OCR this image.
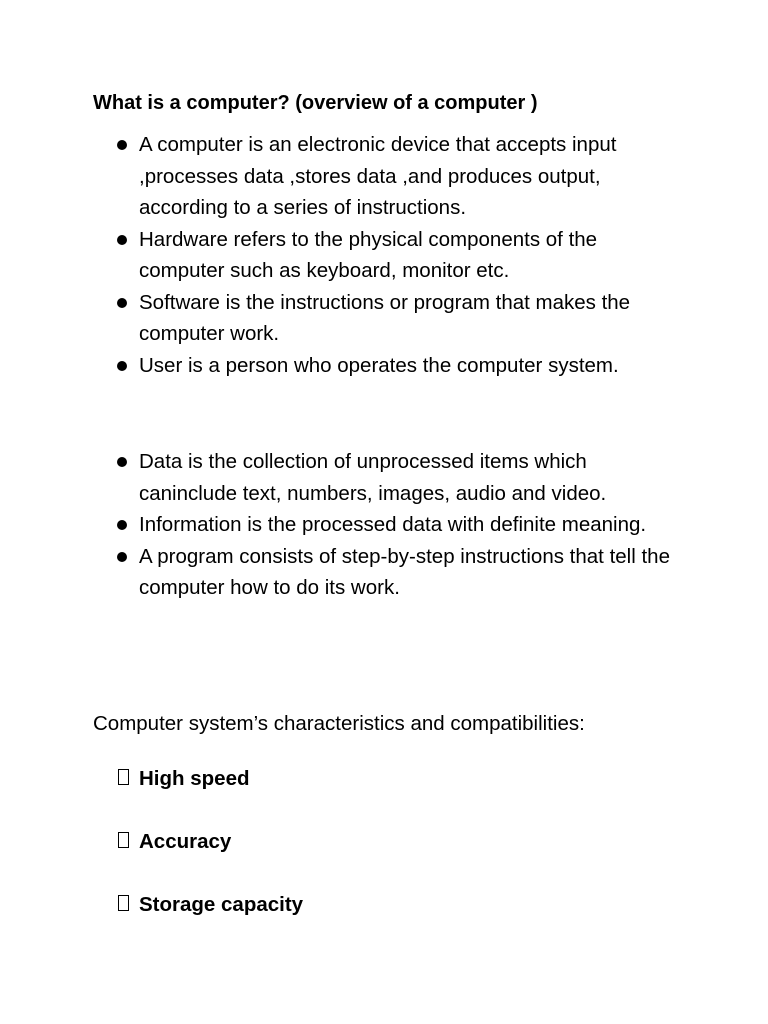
What is a computer? (overview of a computer )
A computer is an electronic device that accepts input ,processes data ,stores data ,and produces output, according to a series of instructions.
Hardware refers to the physical components of the computer such as keyboard, monitor etc.
Software is the instructions or program that makes the computer work.
User is a person who operates the computer system.
Data is the collection of unprocessed items which caninclude text, numbers, images, audio and video.
Information is the processed data with definite meaning.
A program consists of step-by-step instructions that tell the computer how to do its work.
Computer system’s characteristics and compatibilities:
High speed
Accuracy
Storage capacity
